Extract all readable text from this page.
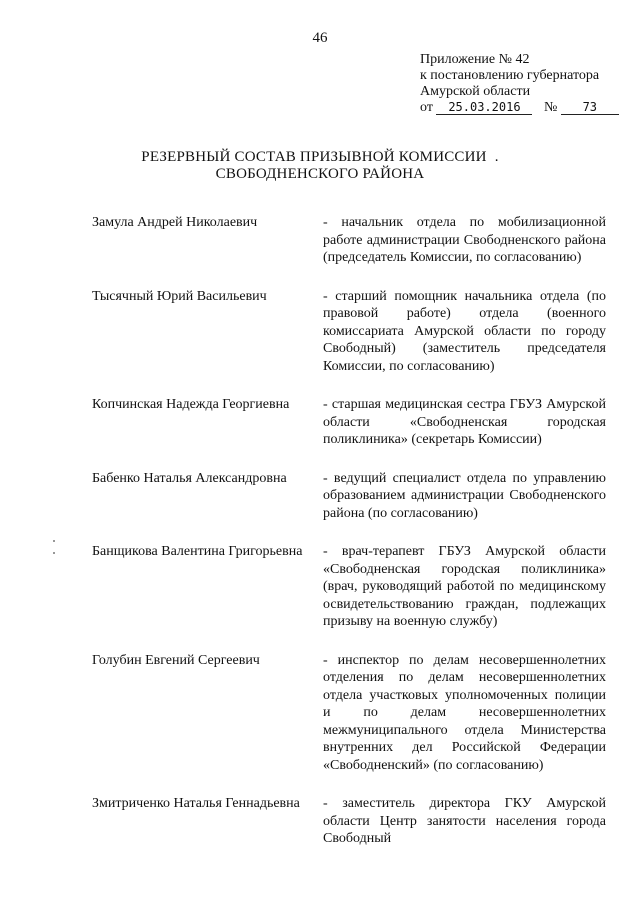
46
Приложение № 42
к постановлению губернатора
Амурской области
от 25.03.2016 № 73
РЕЗЕРВНЫЙ СОСТАВ ПРИЗЫВНОЙ КОМИССИИ .
СВОБОДНЕНСКОГО РАЙОНА
Замула Андрей Николаевич	- начальник отдела по мобилизационной работе администрации Свободненского района (председатель Комиссии, по согласованию)
Тысячный Юрий Васильевич	- старший помощник начальника отдела (по правовой работе) отдела (военного комиссариата Амурской области по городу Свободный) (заместитель председателя Комиссии, по согласованию)
Копчинская Надежда Георгиевна	- старшая медицинская сестра ГБУЗ Амурской области «Свободненская городская поликлиника» (секретарь Комиссии)
Бабенко Наталья Александровна	- ведущий специалист отдела по управлению образованием администрации Свободненского района (по согласованию)
Банщикова Валентина Григорьевна	- врач-терапевт ГБУЗ Амурской области «Свободненская городская поликлиника» (врач, руководящий работой по медицинскому освидетельствованию граждан, подлежащих призыву на военную службу)
Голубин Евгений Сергеевич	- инспектор по делам несовершеннолетних отделения по делам несовершеннолетних отдела участковых уполномоченных полиции и по делам несовершеннолетних межмуниципального отдела Министерства внутренних дел Российской Федерации «Свободненский» (по согласованию)
Змитриченко Наталья Геннадьевна	- заместитель директора ГКУ Амурской области Центр занятости населения города Свободный
